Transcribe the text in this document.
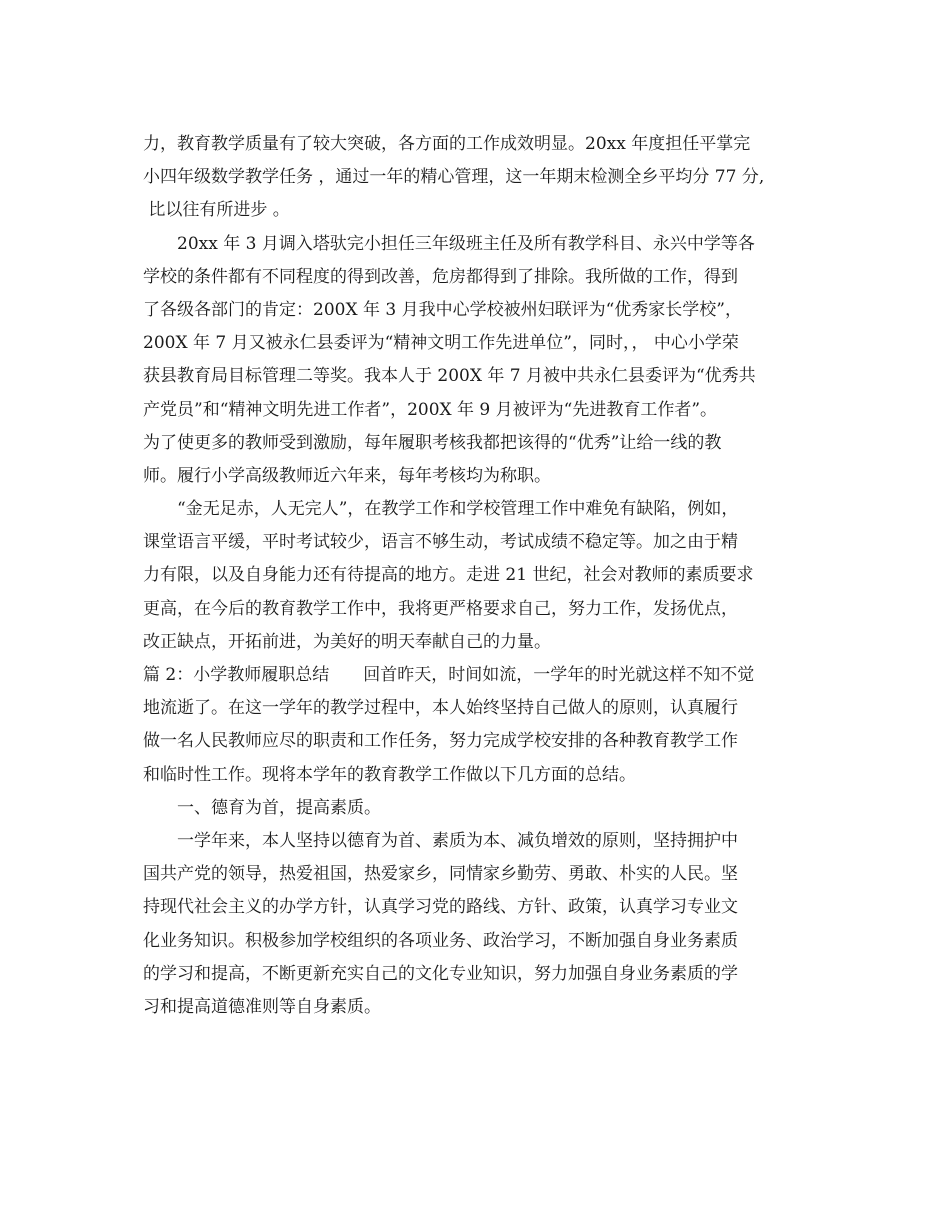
力，教育教学质量有了较大突破，各方面的工作成效明显。20xx 年度担任平掌完
小四年级数学教学任务 ，通过一年的精心管理，这一年期末检测全乡平均分 77 分,
比以往有所进步 。
　　20xx 年 3 月调入塔驮完小担任三年级班主任及所有教学科目、永兴中学等各
学校的条件都有不同程度的得到改善，危房都得到了排除。我所做的工作，得到
了各级各部门的肯定：200X 年 3 月我中心学校被州妇联评为“优秀家长学校”，
200X 年 7 月又被永仁县委评为“精神文明工作先进单位”，同时，， 中心小学荣
获县教育局目标管理二等奖。我本人于 200X 年 7 月被中共永仁县委评为“优秀共
产党员”和“精神文明先进工作者”，200X 年 9 月被评为“先进教育工作者”。
为了使更多的教师受到激励，每年履职考核我都把该得的“优秀”让给一线的教
师。履行小学高级教师近六年来，每年考核均为称职。
　　“金无足赤，人无完人”，在教学工作和学校管理工作中难免有缺陷，例如，
课堂语言平缓，平时考试较少，语言不够生动，考试成绩不稳定等。加之由于精
力有限，以及自身能力还有待提高的地方。走进 21 世纪，社会对教师的素质要求
更高，在今后的教育教学工作中，我将更严格要求自己，努力工作，发扬优点，
改正缺点，开拓前进，为美好的明天奉献自己的力量。
篇 2：小学教师履职总结　　回首昨天，时间如流，一学年的时光就这样不知不觉
地流逝了。在这一学年的教学过程中，本人始终坚持自己做人的原则，认真履行
做一名人民教师应尽的职责和工作任务，努力完成学校安排的各种教育教学工作
和临时性工作。现将本学年的教育教学工作做以下几方面的总结。
　　一、德育为首，提高素质。
　　一学年来，本人坚持以德育为首、素质为本、减负增效的原则，坚持拥护中
国共产党的领导，热爱祖国，热爱家乡，同情家乡勤劳、勇敢、朴实的人民。坚
持现代社会主义的办学方针，认真学习党的路线、方针、政策，认真学习专业文
化业务知识。积极参加学校组织的各项业务、政治学习，不断加强自身业务素质
的学习和提高，不断更新充实自己的文化专业知识，努力加强自身业务素质的学
习和提高道德准则等自身素质。
